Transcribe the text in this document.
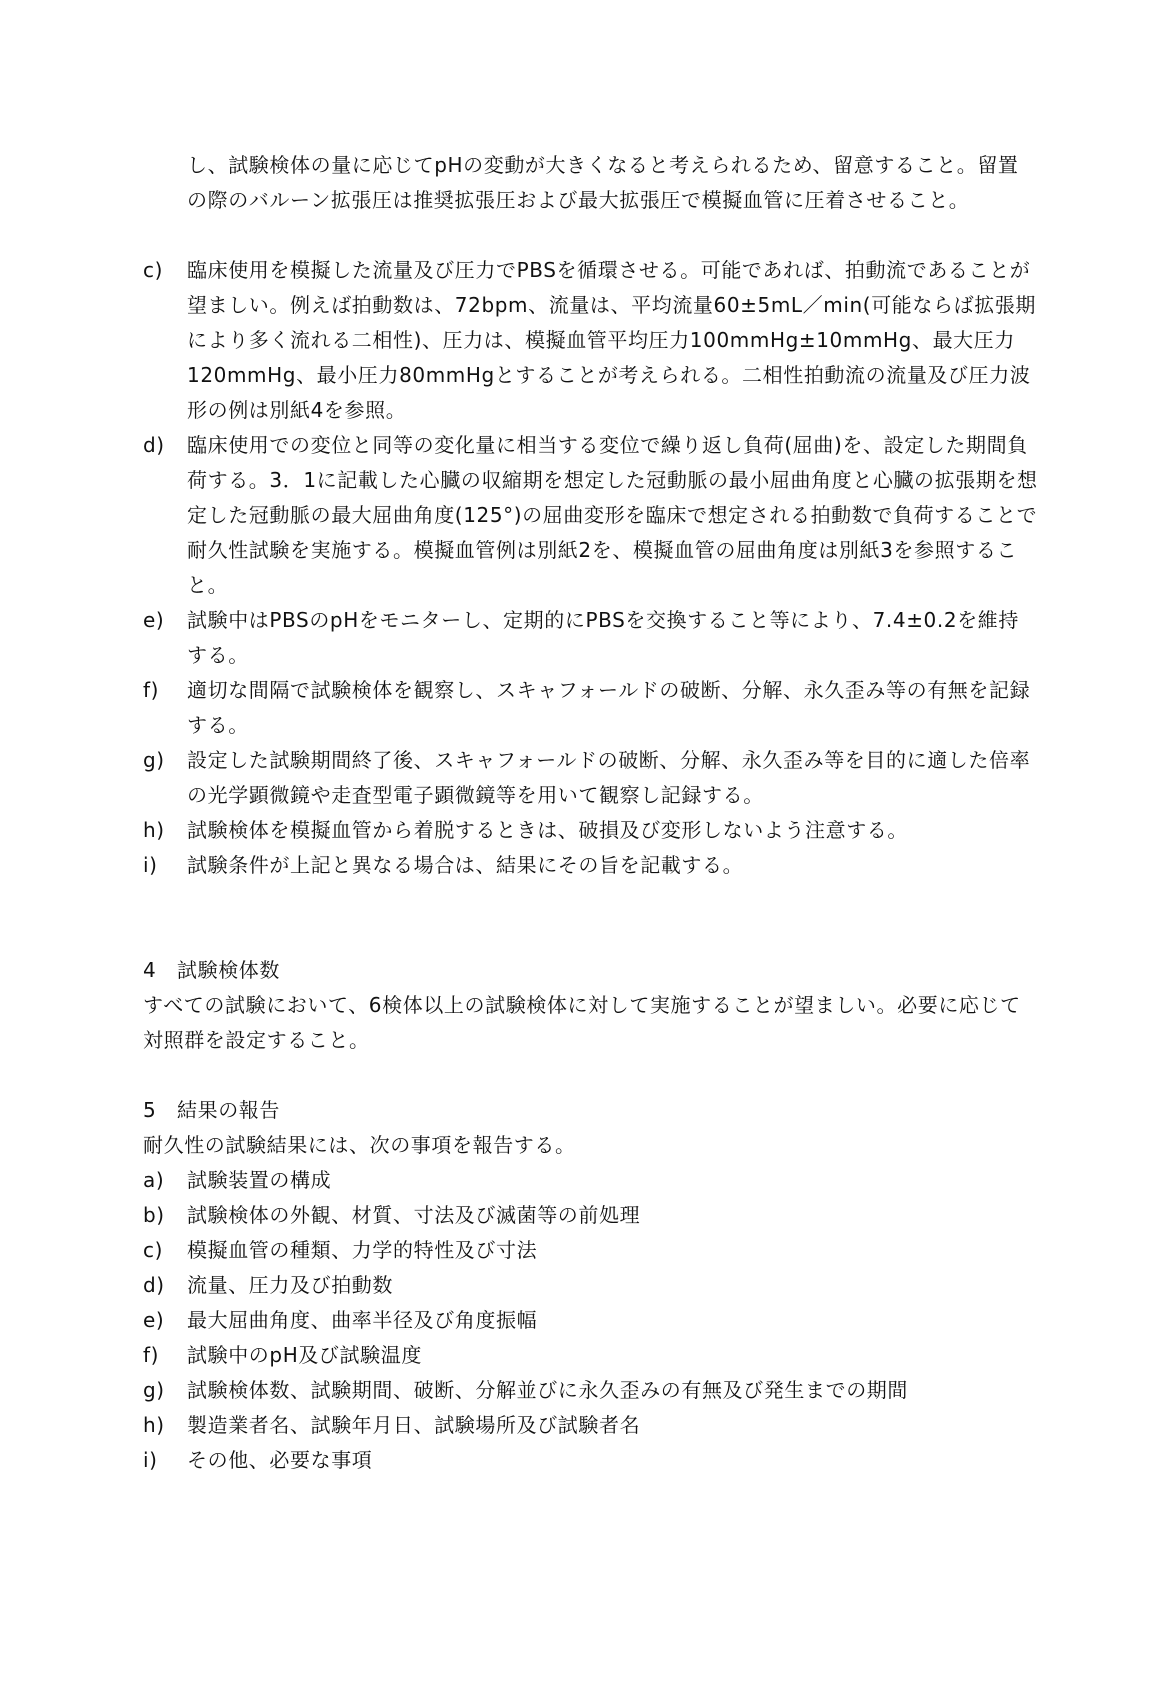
し、試験検体の量に応じてpHの変動が大きくなると考えられるため、留意すること。留置の際のバルーン拡張圧は推奨拡張圧および最大拡張圧で模擬血管に圧着させること。
c)	臨床使用を模擬した流量及び圧力でPBSを循環させる。可能であれば、拍動流であることが望ましい。例えば拍動数は、72bpm、流量は、平均流量60±5mL／min(可能ならば拡張期により多く流れる二相性)、圧力は、模擬血管平均圧力100mmHg±10mmHg、最大圧力120mmHg、最小圧力80mmHgとすることが考えられる。二相性拍動流の流量及び圧力波形の例は別紙4を参照。
d)	臨床使用での変位と同等の変化量に相当する変位で繰り返し負荷(屈曲)を、設定した期間負荷する。3．1に記載した心臓の収縮期を想定した冠動脈の最小屈曲角度と心臓の拡張期を想定した冠動脈の最大屈曲角度(125°)の屈曲変形を臨床で想定される拍動数で負荷することで耐久性試験を実施する。模擬血管例は別紙2を、模擬血管の屈曲角度は別紙3を参照すること。
e)	試験中はPBSのpHをモニターし、定期的にPBSを交換すること等により、7.4±0.2を維持する。
f)	適切な間隔で試験検体を観察し、スキャフォールドの破断、分解、永久歪み等の有無を記録する。
g)	設定した試験期間終了後、スキャフォールドの破断、分解、永久歪み等を目的に適した倍率の光学顕微鏡や走査型電子顕微鏡等を用いて観察し記録する。
h)	試験検体を模擬血管から着脱するときは、破損及び変形しないよう注意する。
i)	試験条件が上記と異なる場合は、結果にその旨を記載する。
4 試験検体数
すべての試験において、6検体以上の試験検体に対して実施することが望ましい。必要に応じて対照群を設定すること。
5 結果の報告
耐久性の試験結果には、次の事項を報告する。
a)	試験装置の構成
b)	試験検体の外観、材質、寸法及び滅菌等の前処理
c)	模擬血管の種類、力学的特性及び寸法
d)	流量、圧力及び拍動数
e)	最大屈曲角度、曲率半径及び角度振幅
f)	試験中のpH及び試験温度
g)	試験検体数、試験期間、破断、分解並びに永久歪みの有無及び発生までの期間
h)	製造業者名、試験年月日、試験場所及び試験者名
i)	その他、必要な事項
